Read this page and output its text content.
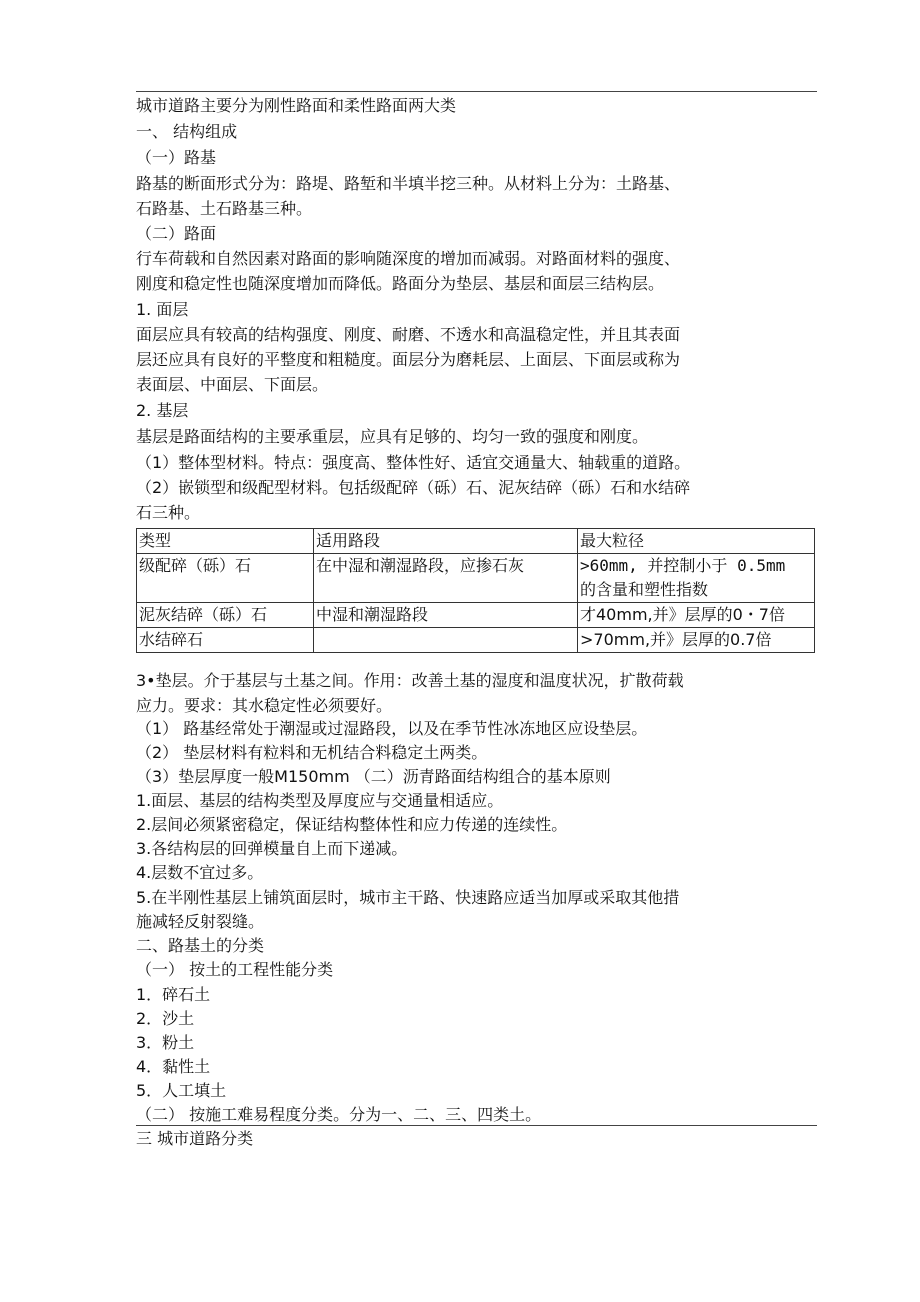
城市道路主要分为刚性路面和柔性路面两大类
一、 结构组成
（一）路基
路基的断面形式分为：路堤、路堑和半填半挖三种。从材料上分为：土路基、
石路基、土石路基三种。
（二）路面
行车荷载和自然因素对路面的影响随深度的增加而减弱。对路面材料的强度、
刚度和稳定性也随深度增加而降低。路面分为垫层、基层和面层三结构层。
1. 面层
面层应具有较高的结构强度、刚度、耐磨、不透水和高温稳定性，并且其表面
层还应具有良好的平整度和粗糙度。面层分为磨耗层、上面层、下面层或称为
表面层、中面层、下面层。
2. 基层
基层是路面结构的主要承重层，应具有足够的、均匀一致的强度和刚度。
（1）整体型材料。特点：强度高、整体性好、适宜交通量大、轴载重的道路。
（2）嵌锁型和级配型材料。包括级配碎（砾）石、泥灰结碎（砾）石和水结碎
石三种。
类型	适用路段	最大粒径
级配碎（砾）石	在中湿和潮湿路段，应掺石灰	>60mm, 并控制小于 0.5mm
的含量和塑性指数

泥灰结碎（砾）石	中湿和潮湿路段	才40mm,并》层厚的0・7倍
水结碎石		>70mm,并》层厚的0.7倍
3•垫层。介于基层与土基之间。作用：改善土基的湿度和温度状况，扩散荷载
应力。要求：其水稳定性必须要好。
（1） 路基经常处于潮湿或过湿路段，以及在季节性冰冻地区应设垫层。
（2） 垫层材料有粒料和无机结合料稳定土两类。
（3）垫层厚度一般M150mm （二）沥青路面结构组合的基本原则
1.面层、基层的结构类型及厚度应与交通量相适应。
2.层间必须紧密稳定，保证结构整体性和应力传递的连续性。
3.各结构层的回弹模量自上而下递减。
4.层数不宜过多。
5.在半刚性基层上铺筑面层时，城市主干路、快速路应适当加厚或采取其他措
施减轻反射裂缝。
二、路基土的分类
（一） 按土的工程性能分类
1．碎石土
2．沙土
3．粉土
4．黏性土
5．人工填土
（二） 按施工难易程度分类。分为一、二、三、四类土。
三 城市道路分类
